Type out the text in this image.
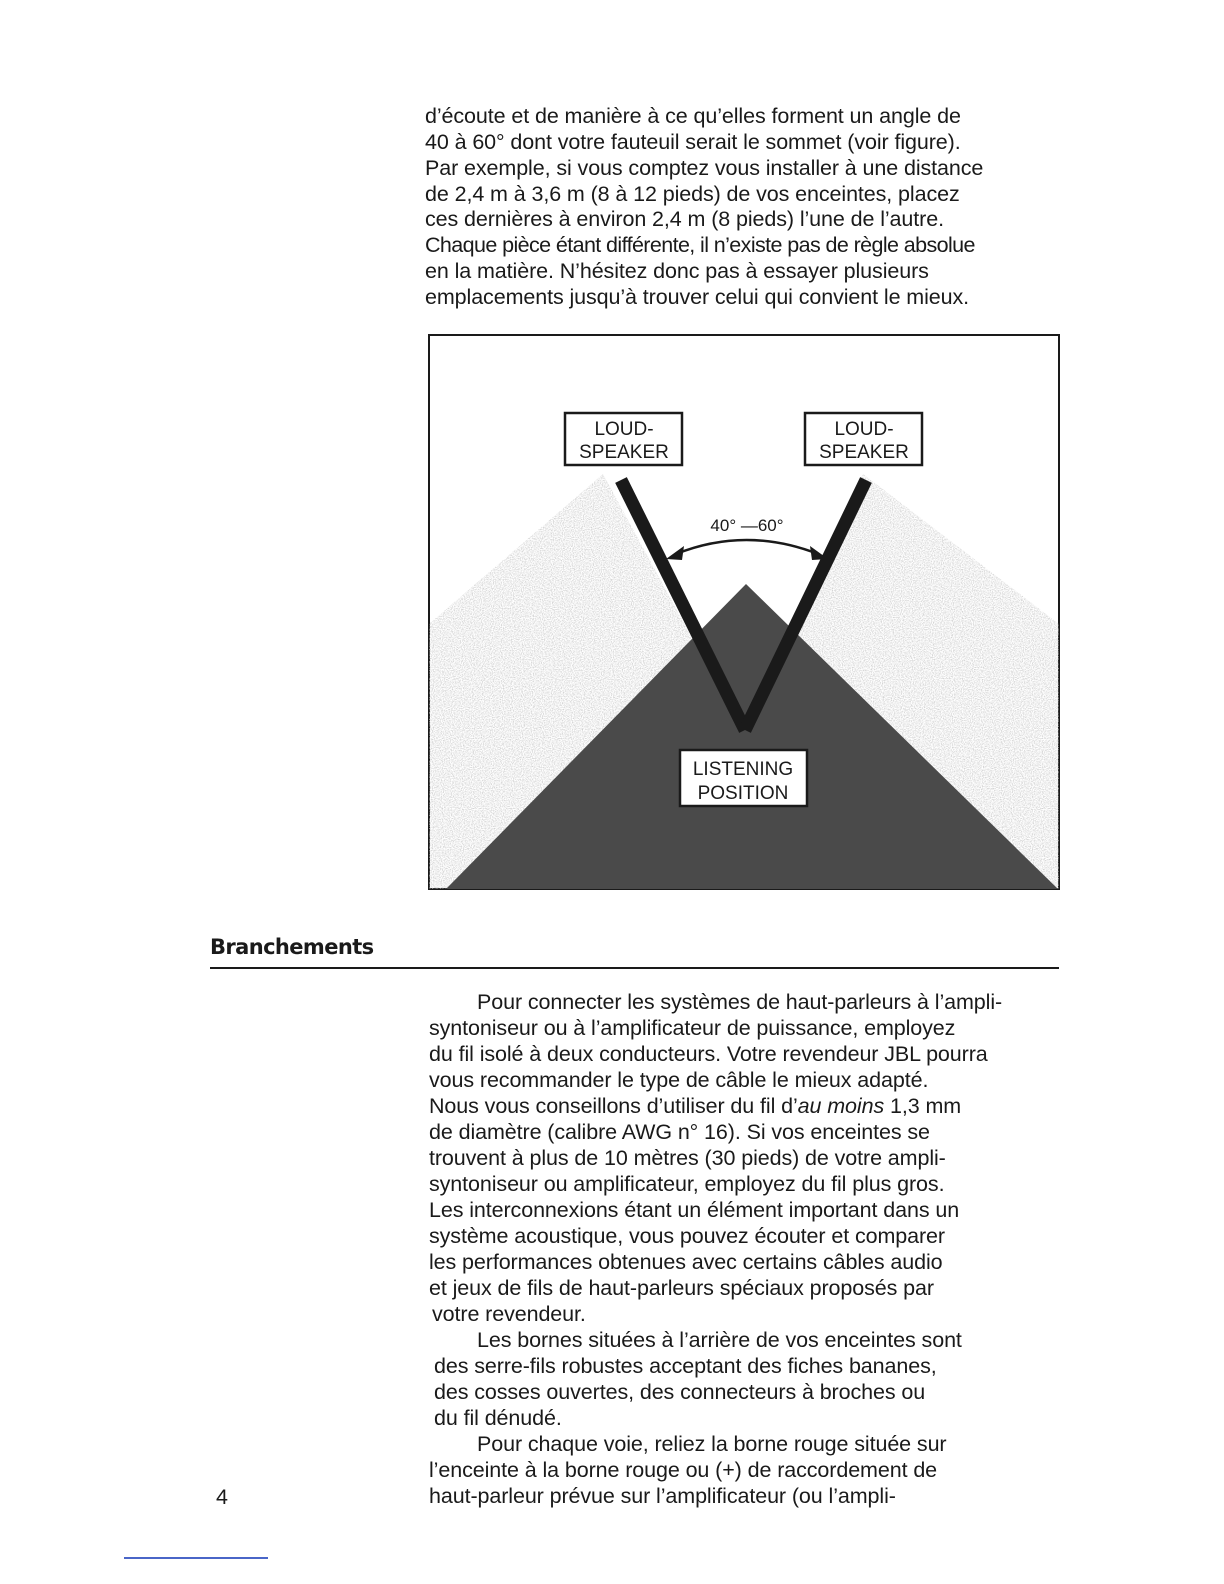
d’écoute et de manière à ce qu’elles forment un angle de
40 à 60° dont votre fauteuil serait le sommet (voir figure).
Par exemple, si vous comptez vous installer à une distance
de 2,4 m à 3,6 m (8 à 12 pieds) de vos enceintes, placez
ces dernières à environ 2,4 m (8 pieds) l’une de l’autre.
Chaque pièce étant différente, il n’existe pas de règle absolue
en la matière. N’hésitez donc pas à essayer plusieurs
emplacements jusqu’à trouver celui qui convient le mieux.
40° —60°
LOUD-
SPEAKER
LOUD-
SPEAKER
LISTENING
POSITION
Branchements
Pour connecter les systèmes de haut-parleurs à l’ampli-
syntoniseur ou à l’amplificateur de puissance, employez
du fil isolé à deux conducteurs. Votre revendeur JBL pourra
vous recommander le type de câble le mieux adapté.
Nous vous conseillons d’utiliser du fil d’au moins 1,3 mm
de diamètre (calibre AWG n° 16). Si vos enceintes se
trouvent à plus de 10 mètres (30 pieds) de votre ampli-
syntoniseur ou amplificateur, employez du fil plus gros.
Les interconnexions étant un élément important dans un
système acoustique, vous pouvez écouter et comparer
les performances obtenues avec certains câbles audio
et jeux de fils de haut-parleurs spéciaux proposés par
votre revendeur.
Les bornes situées à l’arrière de vos enceintes sont
des serre-fils robustes acceptant des fiches bananes,
des cosses ouvertes, des connecteurs à broches ou
du fil dénudé.
Pour chaque voie, reliez la borne rouge située sur
l’enceinte à la borne rouge ou (+) de raccordement de
haut-parleur prévue sur l’amplificateur (ou l’ampli-
4
